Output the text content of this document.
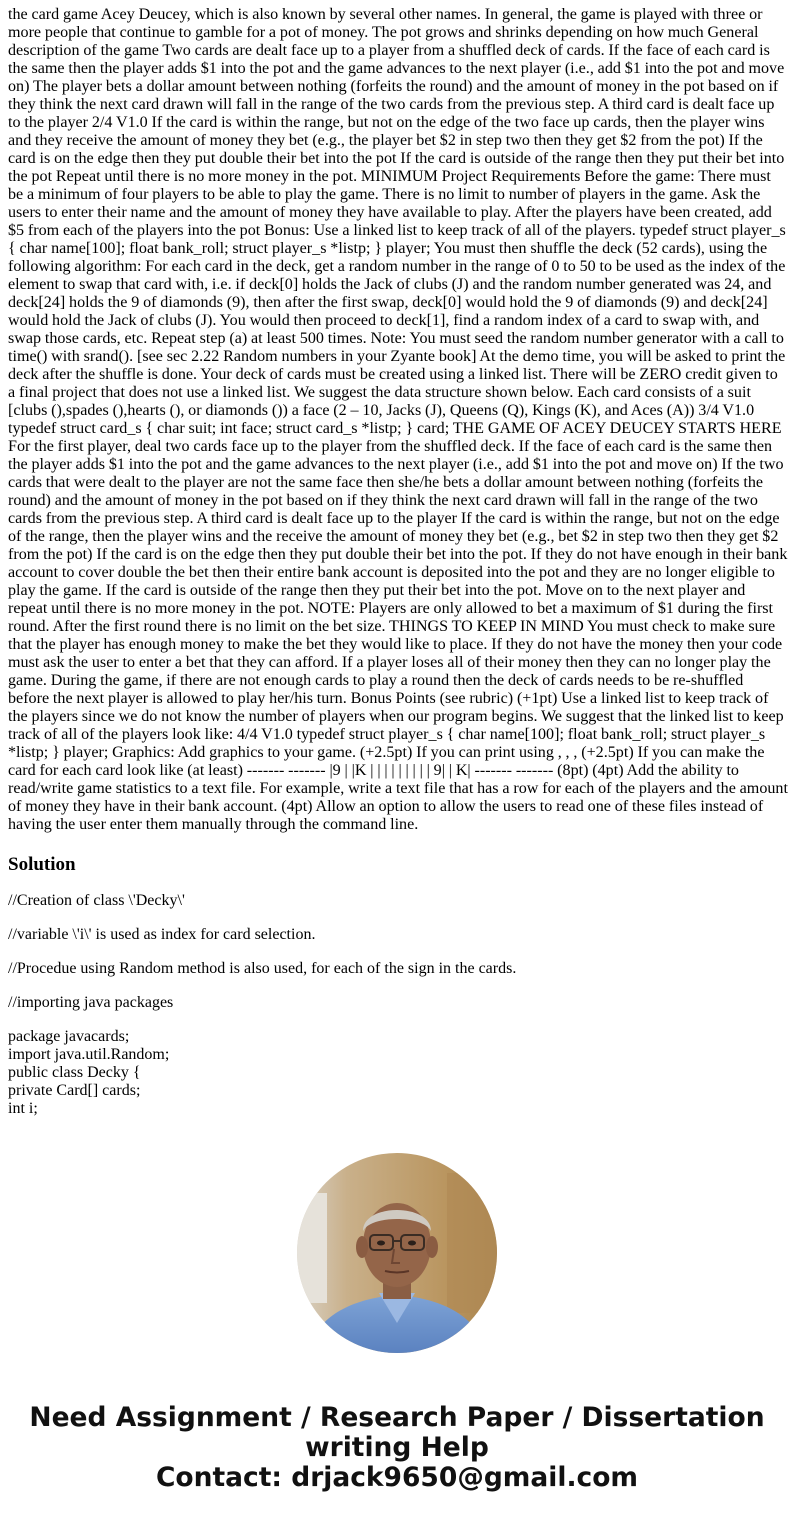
the card game Acey Deucey, which is also known by several other names. In general, the game is played with three or more people that continue to gamble for a pot of money. The pot grows and shrinks depending on how much General description of the game Two cards are dealt face up to a player from a shuffled deck of cards. If the face of each card is the same then the player adds $1 into the pot and the game advances to the next player (i.e., add $1 into the pot and move on) The player bets a dollar amount between nothing (forfeits the round) and the amount of money in the pot based on if they think the next card drawn will fall in the range of the two cards from the previous step. A third card is dealt face up to the player 2/4 V1.0 If the card is within the range, but not on the edge of the two face up cards, then the player wins and they receive the amount of money they bet (e.g., the player bet $2 in step two then they get $2 from the pot) If the card is on the edge then they put double their bet into the pot If the card is outside of the range then they put their bet into the pot Repeat until there is no more money in the pot. MINIMUM Project Requirements Before the game: There must be a minimum of four players to be able to play the game. There is no limit to number of players in the game. Ask the users to enter their name and the amount of money they have available to play. After the players have been created, add $5 from each of the players into the pot Bonus: Use a linked list to keep track of all of the players. typedef struct player_s { char name[100]; float bank_roll; struct player_s *listp; } player; You must then shuffle the deck (52 cards), using the following algorithm: For each card in the deck, get a random number in the range of 0 to 50 to be used as the index of the element to swap that card with, i.e. if deck[0] holds the Jack of clubs (J) and the random number generated was 24, and deck[24] holds the 9 of diamonds (9), then after the first swap, deck[0] would hold the 9 of diamonds (9) and deck[24] would hold the Jack of clubs (J). You would then proceed to deck[1], find a random index of a card to swap with, and swap those cards, etc. Repeat step (a) at least 500 times. Note: You must seed the random number generator with a call to time() with srand(). [see sec 2.22 Random numbers in your Zyante book] At the demo time, you will be asked to print the deck after the shuffle is done. Your deck of cards must be created using a linked list. There will be ZERO credit given to a final project that does not use a linked list. We suggest the data structure shown below. Each card consists of a suit [clubs (),spades (),hearts (), or diamonds ()) a face (2 – 10, Jacks (J), Queens (Q), Kings (K), and Aces (A)) 3/4 V1.0 typedef struct card_s { char suit; int face; struct card_s *listp; } card; THE GAME OF ACEY DEUCEY STARTS HERE For the first player, deal two cards face up to the player from the shuffled deck. If the face of each card is the same then the player adds $1 into the pot and the game advances to the next player (i.e., add $1 into the pot and move on) If the two cards that were dealt to the player are not the same face then she/he bets a dollar amount between nothing (forfeits the round) and the amount of money in the pot based on if they think the next card drawn will fall in the range of the two cards from the previous step. A third card is dealt face up to the player If the card is within the range, but not on the edge of the range, then the player wins and the receive the amount of money they bet (e.g., bet $2 in step two then they get $2 from the pot) If the card is on the edge then they put double their bet into the pot. If they do not have enough in their bank account to cover double the bet then their entire bank account is deposited into the pot and they are no longer eligible to play the game. If the card is outside of the range then they put their bet into the pot. Move on to the next player and repeat until there is no more money in the pot. NOTE: Players are only allowed to bet a maximum of $1 during the first round. After the first round there is no limit on the bet size. THINGS TO KEEP IN MIND You must check to make sure that the player has enough money to make the bet they would like to place. If they do not have the money then your code must ask the user to enter a bet that they can afford. If a player loses all of their money then they can no longer play the game. During the game, if there are not enough cards to play a round then the deck of cards needs to be re-shuffled before the next player is allowed to play her/his turn. Bonus Points (see rubric) (+1pt) Use a linked list to keep track of the players since we do not know the number of players when our program begins. We suggest that the linked list to keep track of all of the players look like: 4/4 V1.0 typedef struct player_s { char name[100]; float bank_roll; struct player_s *listp; } player; Graphics: Add graphics to your game. (+2.5pt) If you can print using , , , (+2.5pt) If you can make the card for each card look like (at least) ------- ------- |9 | |K | | | | | | | | | 9| | K| ------- ------- (8pt) (4pt) Add the ability to read/write game statistics to a text file. For example, write a text file that has a row for each of the players and the amount of money they have in their bank account. (4pt) Allow an option to allow the users to read one of these files instead of having the user enter them manually through the command line.

Solution

//Creation of class \'Decky\'

//variable \'i\' is used as index for card selection.

//Procedue using Random method is also used, for each of the sign in the cards.

//importing java packages

package javacards;
import java.util.Random;
public class Decky {
private Card[] cards;
int i;
Need Assignment / Research Paper / Dissertation
writing Help
Contact: drjack9650@gmail.com
